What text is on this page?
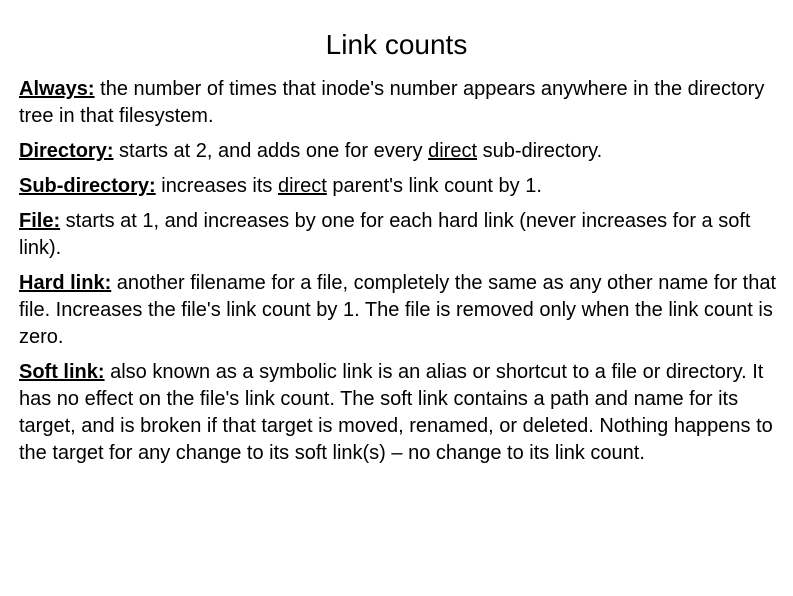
Link counts

Always: the number of times that inode's number appears anywhere in the directory tree in that filesystem.

Directory: starts at 2, and adds one for every direct sub-directory.

Sub-directory: increases its direct parent's link count by 1.

File: starts at 1, and increases by one for each hard link (never increases for a soft link).

Hard link: another filename for a file, completely the same as any other name for that file. Increases the file's link count by 1. The file is removed only when the link count is zero.

Soft link: also known as a symbolic link is an alias or shortcut to a file or directory. It has no effect on the file's link count. The soft link contains a path and name for its target, and is broken if that target is moved, renamed, or deleted. Nothing happens to the target for any change to its soft link(s) – no change to its link count.
